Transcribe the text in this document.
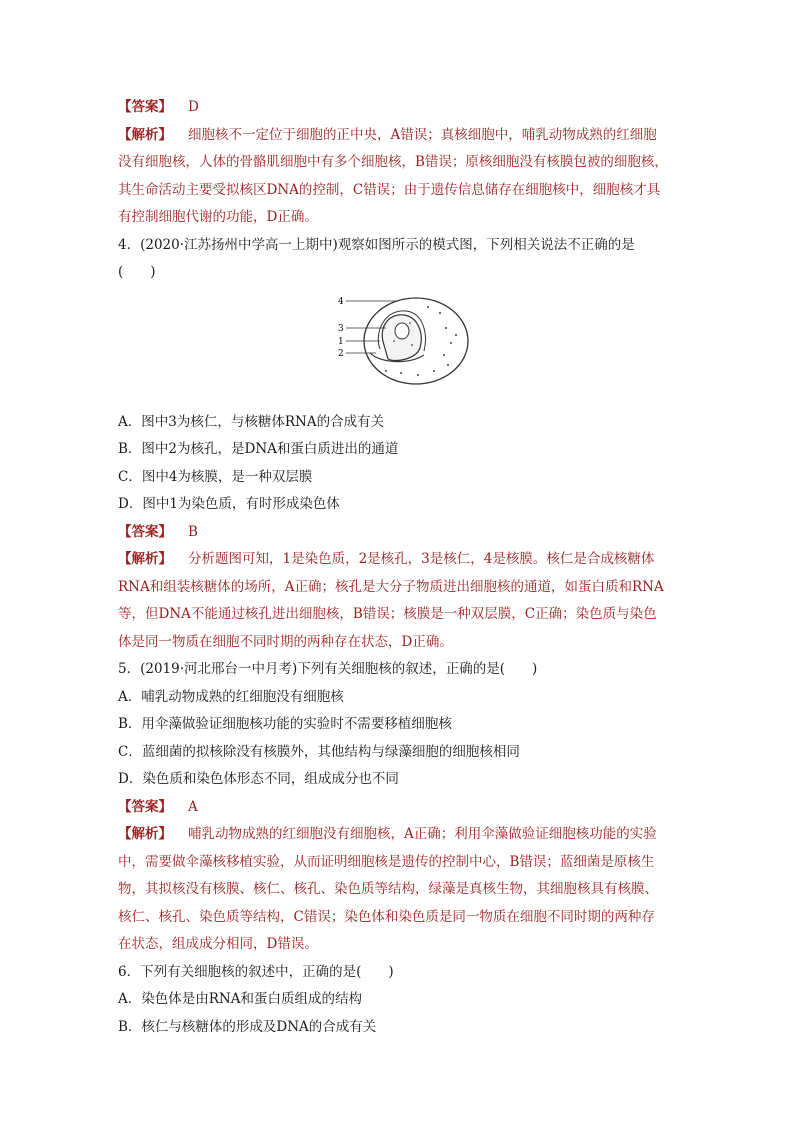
【答案】 D
【解析】 细胞核不一定位于细胞的正中央，A错误；真核细胞中，哺乳动物成熟的红细胞
没有细胞核，人体的骨骼肌细胞中有多个细胞核，B错误；原核细胞没有核膜包被的细胞核，
其生命活动主要受拟核区DNA的控制，C错误；由于遗传信息储存在细胞核中，细胞核才具
有控制细胞代谢的功能，D正确。
4．(2020·江苏扬州中学高一上期中)观察如图所示的模式图，下列相关说法不正确的是
(　　)
4
3
1
2
A．图中3为核仁，与核糖体RNA的合成有关
B．图中2为核孔，是DNA和蛋白质进出的通道
C．图中4为核膜，是一种双层膜
D．图中1为染色质，有时形成染色体
【答案】 B
【解析】 分析题图可知，1是染色质，2是核孔，3是核仁，4是核膜。核仁是合成核糖体
RNA和组装核糖体的场所，A正确；核孔是大分子物质进出细胞核的通道，如蛋白质和RNA
等，但DNA不能通过核孔进出细胞核，B错误；核膜是一种双层膜，C正确；染色质与染色
体是同一物质在细胞不同时期的两种存在状态，D正确。
5．(2019·河北邢台一中月考)下列有关细胞核的叙述，正确的是(　　)
A．哺乳动物成熟的红细胞没有细胞核
B．用伞藻做验证细胞核功能的实验时不需要移植细胞核
C．蓝细菌的拟核除没有核膜外，其他结构与绿藻细胞的细胞核相同
D．染色质和染色体形态不同，组成成分也不同
【答案】 A
【解析】 哺乳动物成熟的红细胞没有细胞核，A正确；利用伞藻做验证细胞核功能的实验
中，需要做伞藻核移植实验，从而证明细胞核是遗传的控制中心，B错误；蓝细菌是原核生
物，其拟核没有核膜、核仁、核孔、染色质等结构，绿藻是真核生物，其细胞核具有核膜、
核仁、核孔、染色质等结构，C错误；染色体和染色质是同一物质在细胞不同时期的两种存
在状态，组成成分相同，D错误。
6．下列有关细胞核的叙述中，正确的是(　　)
A．染色体是由RNA和蛋白质组成的结构
B．核仁与核糖体的形成及DNA的合成有关
